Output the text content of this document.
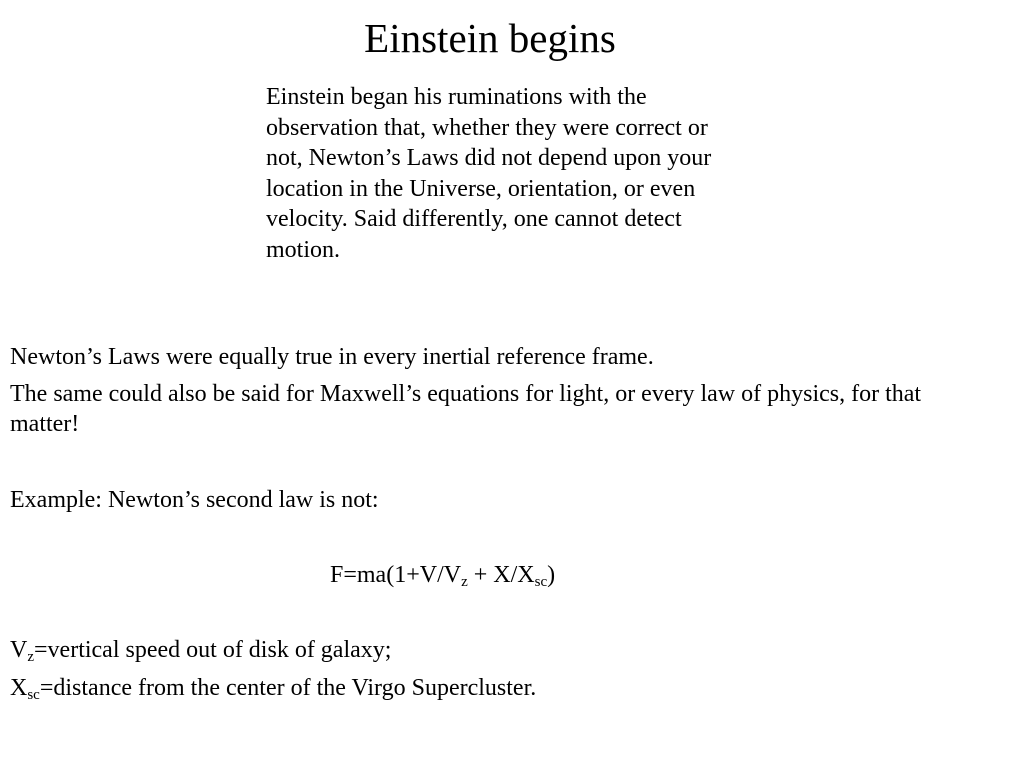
Einstein begins

Einstein began his ruminations with the observation that, whether they were correct or not, Newton’s Laws did not depend upon your location in the Universe, orientation, or even velocity. Said differently, one cannot detect motion.

Newton’s Laws were equally true in every inertial reference frame.

The same could also be said for Maxwell’s equations for light, or every law of physics, for that matter!

Example: Newton’s second law is not:

$F=ma(1+V/V_z + X/X_{sc})$

$V_z=vertical$ speed out of disk of galaxy;

$X_{sc}=distance$ from the center of the Virgo Supercluster.
